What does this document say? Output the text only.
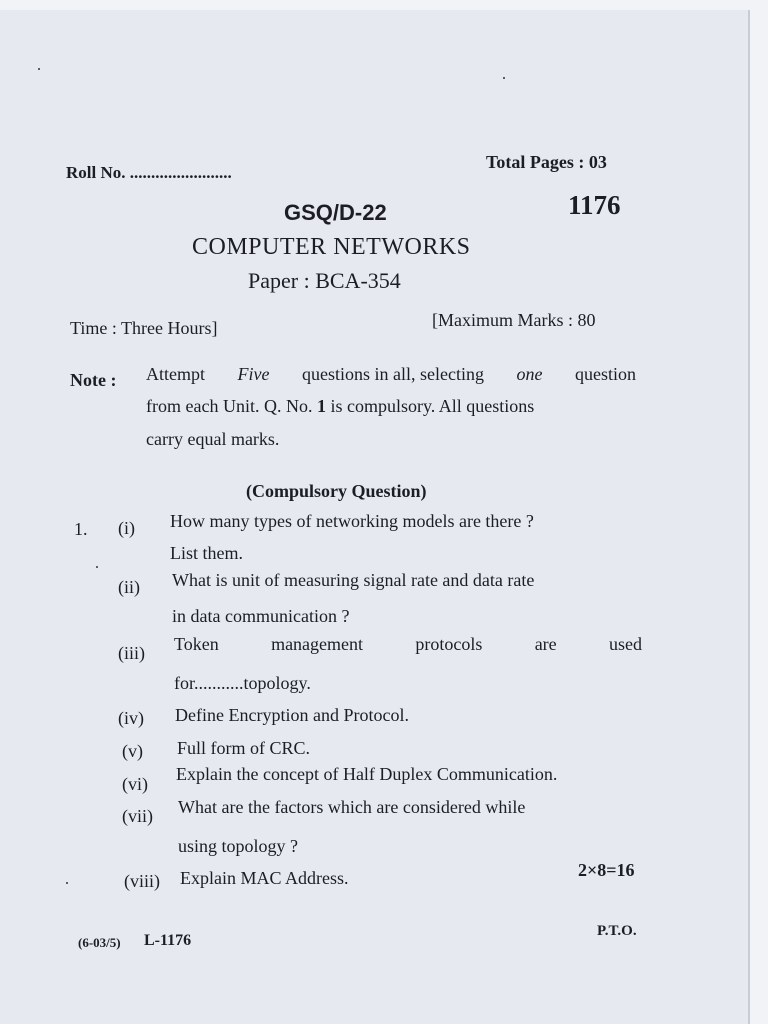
Roll No. ........................
Total Pages : 03
GSQ/D-22	1176
COMPUTER NETWORKS
Paper : BCA-354
Time : Three Hours]	[Maximum Marks : 80
Note : Attempt Five questions in all, selecting one question
from each Unit. Q. No. 1 is compulsory. All questions
carry equal marks.
(Compulsory Question)
1. (i) How many types of networking models are there ?
List them.
(ii) What is unit of measuring signal rate and data rate
in data communication ?
(iii) Token	management	protocols	are	used
for...........topology.
(iv) Define Encryption and Protocol.
(v) Full form of CRC.
(vi) Explain the concept of Half Duplex Communication.
(vii) What are the factors which are considered while
using topology ?
(viii) Explain MAC Address.	2×8=16
(6-03/5) L-1176
P.T.O.
